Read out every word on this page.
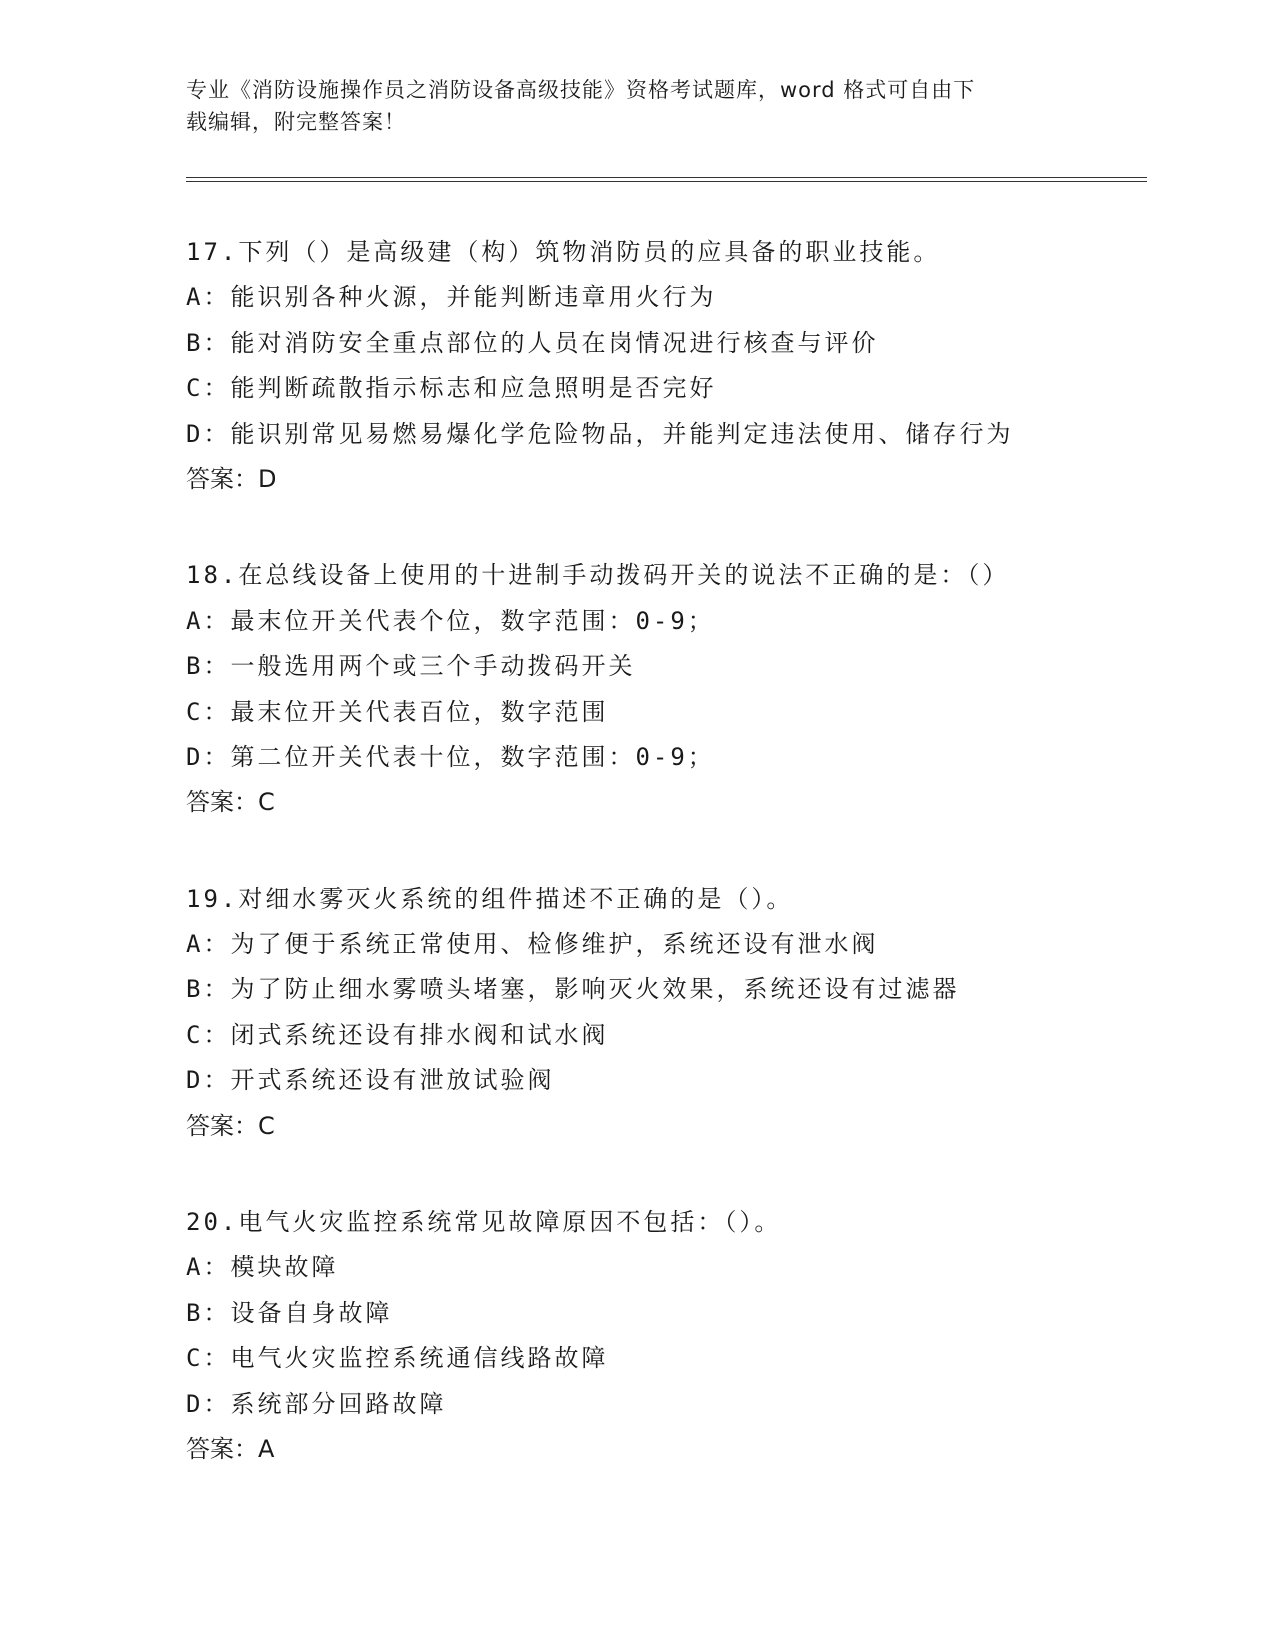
专业《消防设施操作员之消防设备高级技能》资格考试题库，word 格式可自由下
载编辑，附完整答案！
17.下列（）是高级建（构）筑物消防员的应具备的职业技能。
A：能识别各种火源，并能判断违章用火行为
B：能对消防安全重点部位的人员在岗情况进行核查与评价
C：能判断疏散指示标志和应急照明是否完好
D：能识别常见易燃易爆化学危险物品，并能判定违法使用、储存行为
答案：D
18.在总线设备上使用的十进制手动拨码开关的说法不正确的是：（）
A：最末位开关代表个位，数字范围：0-9；
B：一般选用两个或三个手动拨码开关
C：最末位开关代表百位，数字范围
D：第二位开关代表十位，数字范围：0-9；
答案：C
19.对细水雾灭火系统的组件描述不正确的是（）。
A：为了便于系统正常使用、检修维护，系统还设有泄水阀
B：为了防止细水雾喷头堵塞，影响灭火效果，系统还设有过滤器
C：闭式系统还设有排水阀和试水阀
D：开式系统还设有泄放试验阀
答案：C
20.电气火灾监控系统常见故障原因不包括：（）。
A：模块故障
B：设备自身故障
C：电气火灾监控系统通信线路故障
D：系统部分回路故障
答案：A
